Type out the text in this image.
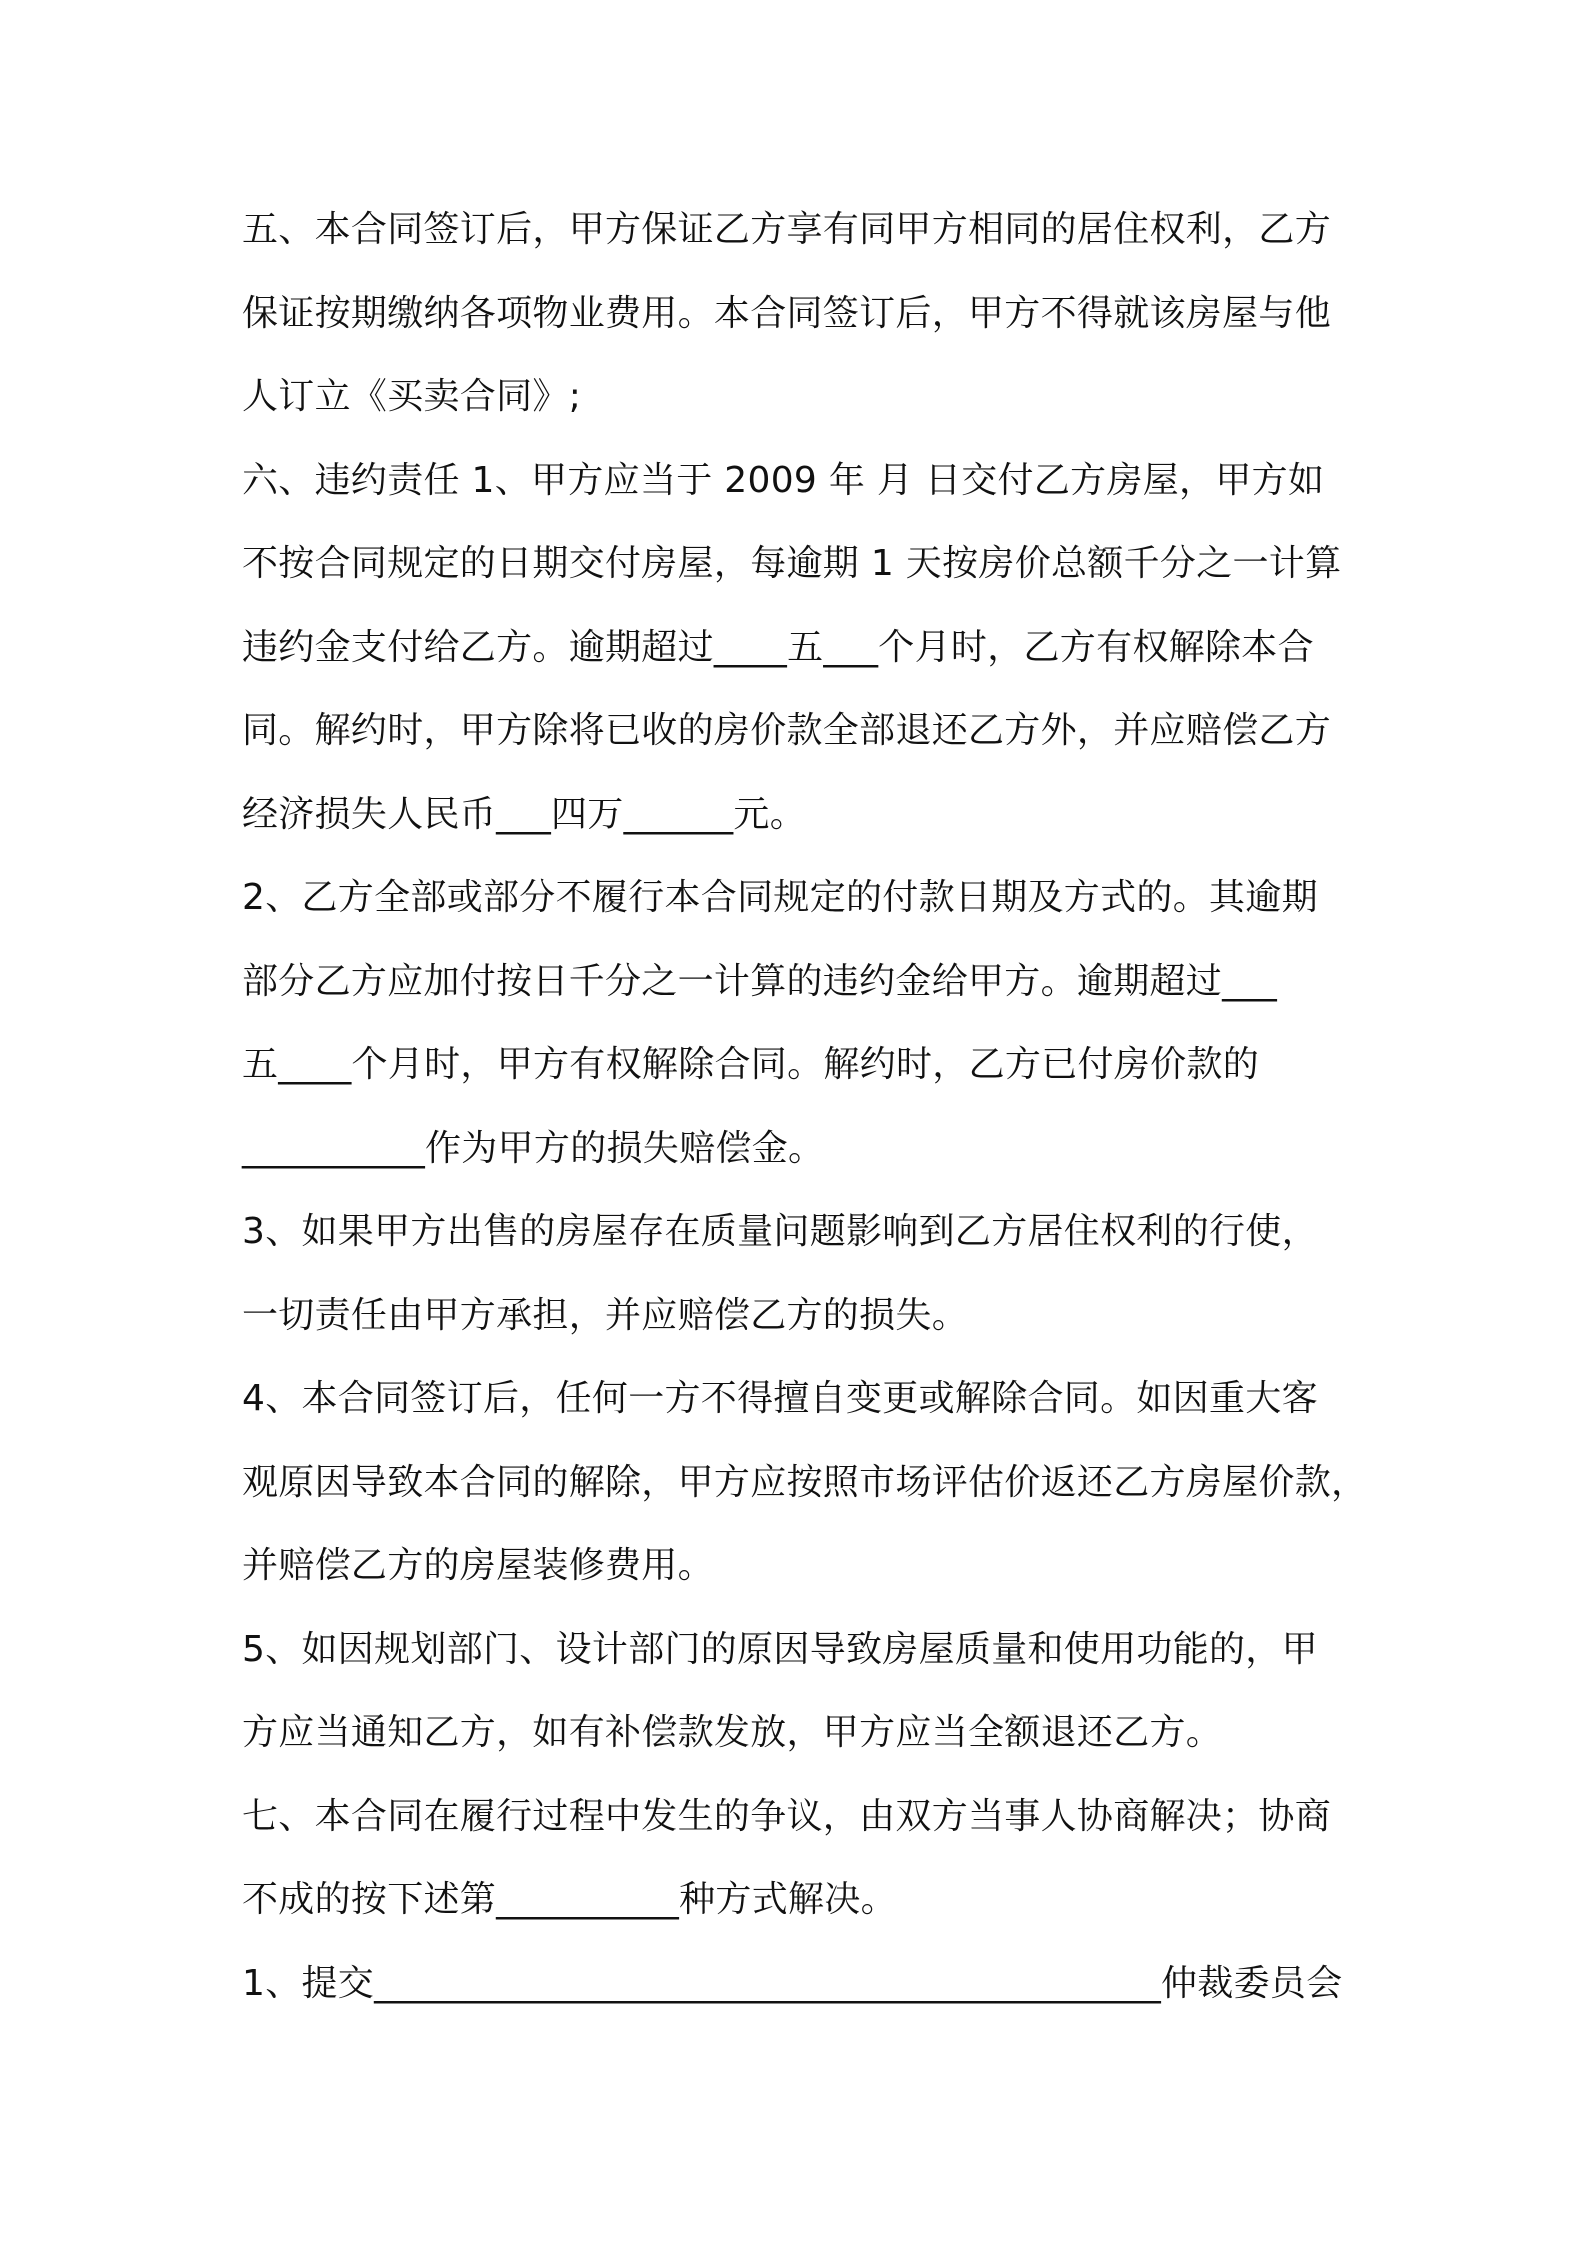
五、本合同签订后，甲方保证乙方享有同甲方相同的居住权利，乙方
保证按期缴纳各项物业费用。本合同签订后，甲方不得就该房屋与他
人订立《买卖合同》;
六、违约责任 1、甲方应当于 2009 年 月 日交付乙方房屋，甲方如
不按合同规定的日期交付房屋，每逾期 1 天按房价总额千分之一计算
违约金支付给乙方。逾期超过____五___个月时，乙方有权解除本合
同。解约时，甲方除将已收的房价款全部退还乙方外，并应赔偿乙方
经济损失人民币___四万______元。
2、乙方全部或部分不履行本合同规定的付款日期及方式的。其逾期
部分乙方应加付按日千分之一计算的违约金给甲方。逾期超过___
五____个月时，甲方有权解除合同。解约时，乙方已付房价款的
__________作为甲方的损失赔偿金。
3、如果甲方出售的房屋存在质量问题影响到乙方居住权利的行使，
一切责任由甲方承担，并应赔偿乙方的损失。
4、本合同签订后，任何一方不得擅自变更或解除合同。如因重大客
观原因导致本合同的解除，甲方应按照市场评估价返还乙方房屋价款，
并赔偿乙方的房屋装修费用。
5、如因规划部门、设计部门的原因导致房屋质量和使用功能的，甲
方应当通知乙方，如有补偿款发放，甲方应当全额退还乙方。
七、本合同在履行过程中发生的争议，由双方当事人协商解决；协商
不成的按下述第__________种方式解决。
1、提交___________________________________________仲裁委员会
